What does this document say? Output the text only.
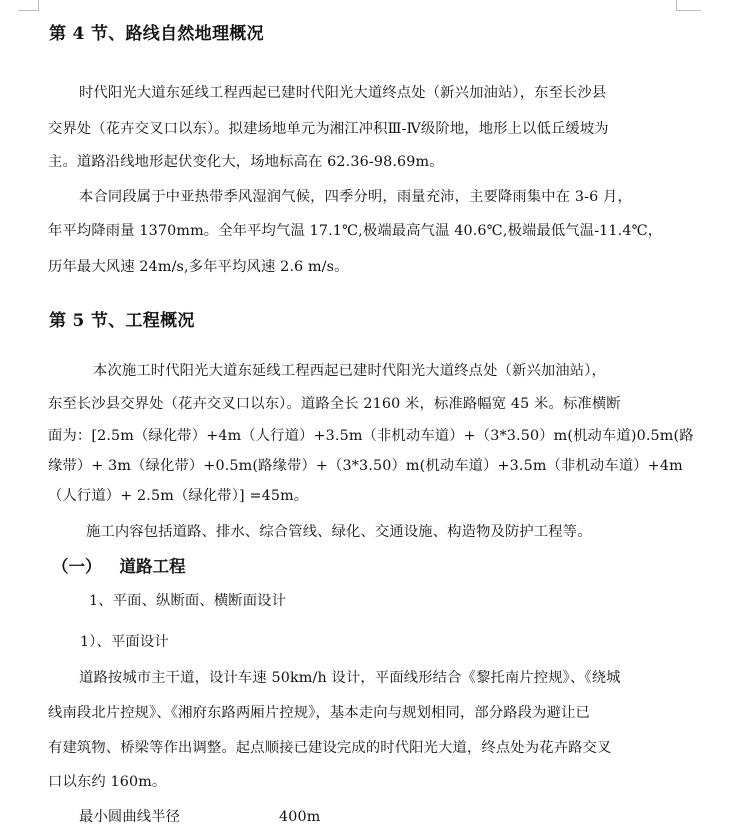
第 4 节、路线自然地理概况
时代阳光大道东延线工程西起已建时代阳光大道终点处（新兴加油站），东至长沙县
交界处（花卉交叉口以东）。拟建场地单元为湘江冲积Ⅲ-Ⅳ级阶地，地形上以低丘缓坡为
主。道路沿线地形起伏变化大，场地标高在 62.36-98.69m。
本合同段属于中亚热带季风湿润气候，四季分明，雨量充沛，主要降雨集中在 3-6 月，
年平均降雨量 1370mm。全年平均气温 17.1℃,极端最高气温 40.6℃,极端最低气温-11.4℃，
历年最大风速 24m/s,多年平均风速 2.6 m/s。
第 5 节、工程概况
本次施工时代阳光大道东延线工程西起已建时代阳光大道终点处（新兴加油站），
东至长沙县交界处（花卉交叉口以东）。道路全长 2160 米，标准路幅宽 45 米。标准横断
面为：[2.5m（绿化带）+4m（人行道）+3.5m（非机动车道）+（3*3.50）m(机动车道)0.5m(路
缘带）+ 3m（绿化带）+0.5m(路缘带）+（3*3.50）m(机动车道）+3.5m（非机动车道）+4m
（人行道）+ 2.5m（绿化带）] =45m。
施工内容包括道路、排水、综合管线、绿化、交通设施、构造物及防护工程等。
（一） 道路工程
1、平面、纵断面、横断面设计
1）、平面设计
道路按城市主干道，设计车速 50km/h 设计，平面线形结合《黎托南片控规》、《绕城
线南段北片控规》、《湘府东路两厢片控规》，基本走向与规划相同，部分路段为避让已
有建筑物、桥梁等作出调整。起点顺接已建设完成的时代阳光大道，终点处为花卉路交叉
口以东约 160m。
最小圆曲线半径	400m
